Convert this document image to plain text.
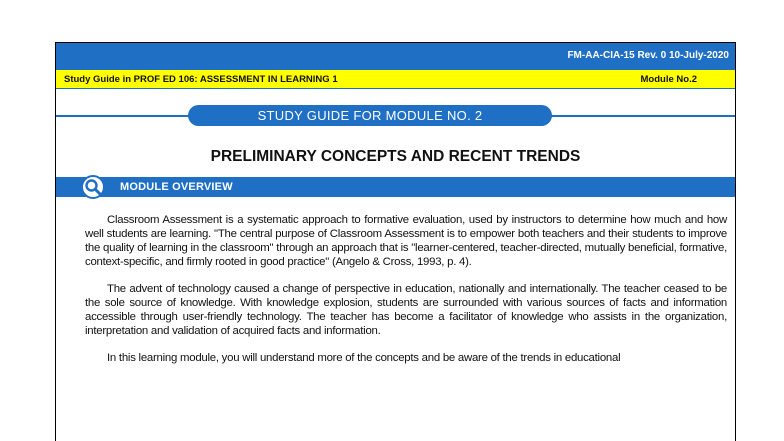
FM-AA-CIA-15 Rev. 0 10-July-2020
Study Guide in PROF ED 106: ASSESSMENT IN LEARNING 1	Module No.2
STUDY GUIDE FOR MODULE NO. 2
PRELIMINARY CONCEPTS AND RECENT TRENDS
MODULE OVERVIEW

Classroom Assessment is a systematic approach to formative evaluation, used by instructors to determine how much and how well students are learning. "The central purpose of Classroom Assessment is to empower both teachers and their students to improve the quality of learning in the classroom" through an approach that is "learner-centered, teacher-directed, mutually beneficial, formative, context-specific, and firmly rooted in good practice" (Angelo & Cross, 1993, p. 4).

The advent of technology caused a change of perspective in education, nationally and internationally. The teacher ceased to be the sole source of knowledge. With knowledge explosion, students are surrounded with various sources of facts and information accessible through user-friendly technology. The teacher has become a facilitator of knowledge who assists in the organization, interpretation and validation of acquired facts and information.

In this learning module, you will understand more of the concepts and be aware of the trends in educational
